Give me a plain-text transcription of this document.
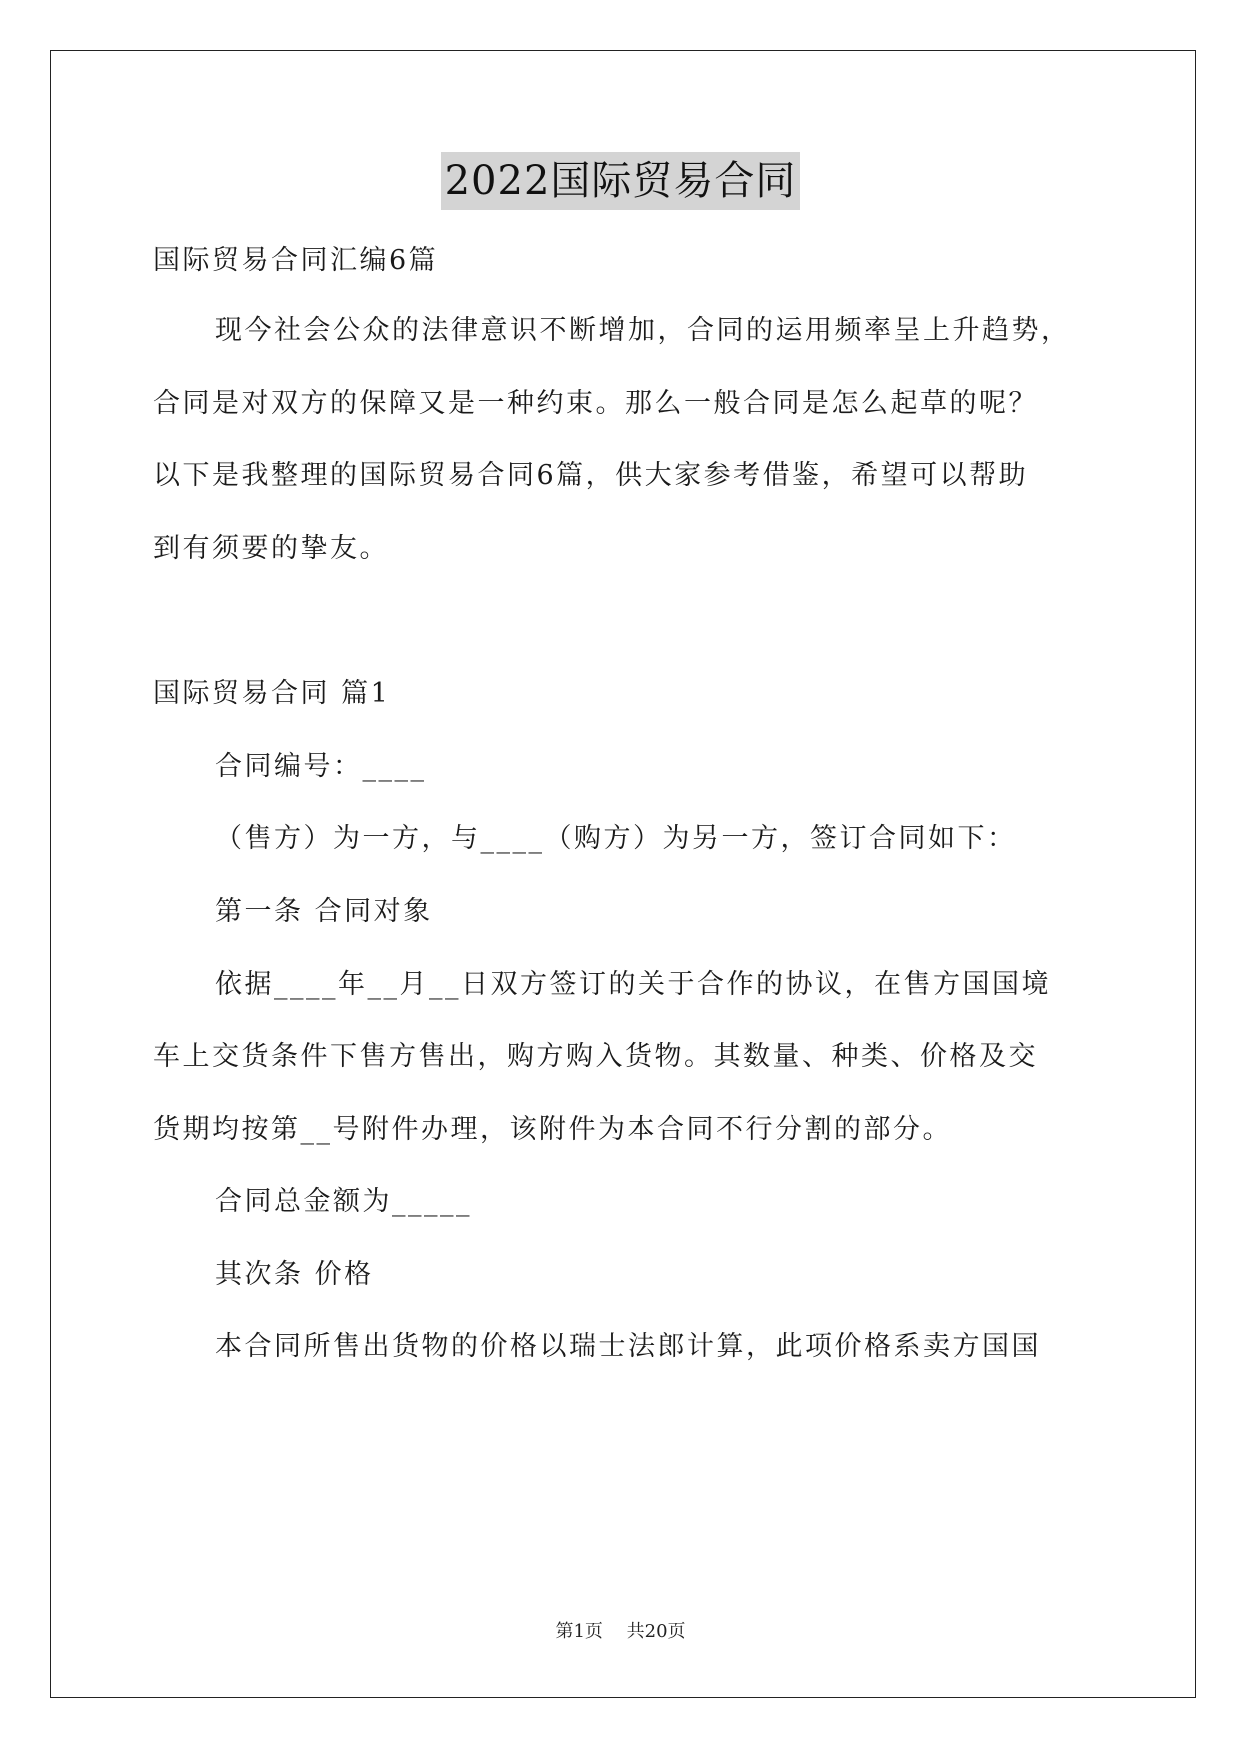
2022国际贸易合同
国际贸易合同汇编6篇
现今社会公众的法律意识不断增加，合同的运用频率呈上升趋势，
合同是对双方的保障又是一种约束。那么一般合同是怎么起草的呢？
以下是我整理的国际贸易合同6篇，供大家参考借鉴，希望可以帮助
到有须要的挚友。
国际贸易合同 篇1
合同编号：____
（售方）为一方，与____（购方）为另一方，签订合同如下：
第一条 合同对象
依据____年__月__日双方签订的关于合作的协议，在售方国国境
车上交货条件下售方售出，购方购入货物。其数量、种类、价格及交
货期均按第__号附件办理，该附件为本合同不行分割的部分。
合同总金额为_____
其次条 价格
本合同所售出货物的价格以瑞士法郎计算，此项价格系卖方国国
第1页 共20页
